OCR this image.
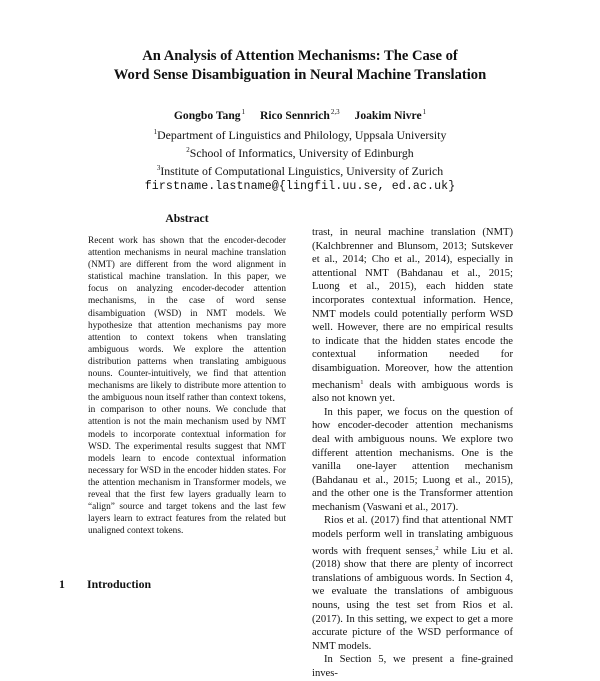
An Analysis of Attention Mechanisms: The Case of
Word Sense Disambiguation in Neural Machine Translation
Gongbo Tang$^1$ Rico Sennrich$^{2,3}$ Joakim Nivre$^1$
$^1$Department of Linguistics and Philology, Uppsala University
$^2$School of Informatics, University of Edinburgh
$^3$Institute of Computational Linguistics, University of Zurich
firstname.lastname@{lingfil.uu.se, ed.ac.uk}
Abstract
Recent work has shown that the encoder-decoder attention mechanisms in neural machine translation (NMT) are different from the word alignment in statistical machine translation. In this paper, we focus on analyzing encoder-decoder attention mechanisms, in the case of word sense disambiguation (WSD) in NMT models. We hypothesize that attention mechanisms pay more attention to context tokens when translating ambiguous words. We explore the attention distribution patterns when translating ambiguous nouns. Counter-intuitively, we find that attention mechanisms are likely to distribute more attention to the ambiguous noun itself rather than context tokens, in comparison to other nouns. We conclude that attention is not the main mechanism used by NMT models to incorporate contextual information for WSD. The experimental results suggest that NMT models learn to encode contextual information necessary for WSD in the encoder hidden states. For the attention mechanism in Transformer models, we reveal that the first few layers gradually learn to “align” source and target tokens and the last few layers learn to extract features from the related but unaligned context tokens.
1 Introduction

trast, in neural machine translation (NMT) (Kalchbrenner and Blunsom, 2013; Sutskever et al., 2014; Cho et al., 2014), especially in attentional NMT (Bahdanau et al., 2015; Luong et al., 2015), each hidden state incorporates contextual information. Hence, NMT models could potentially perform WSD well. However, there are no empirical results to indicate that the hidden states encode the contextual information needed for disambiguation. Moreover, how the attention mechanism$^1$ deals with ambiguous words is also not known yet.

In this paper, we focus on the question of how encoder-decoder attention mechanisms deal with ambiguous nouns. We explore two different attention mechanisms. One is the vanilla one-layer attention mechanism (Bahdanau et al., 2015; Luong et al., 2015), and the other one is the Transformer attention mechanism (Vaswani et al., 2017).

Rios et al. (2017) find that attentional NMT models perform well in translating ambiguous words with frequent senses,$^2$ while Liu et al. (2018) show that there are plenty of incorrect translations of ambiguous words. In Section 4, we evaluate the translations of ambiguous nouns, using the test set from Rios et al. (2017). In this setting, we expect to get a more accurate picture of the WSD performance of NMT models.

In Section 5, we present a fine-grained inves-
